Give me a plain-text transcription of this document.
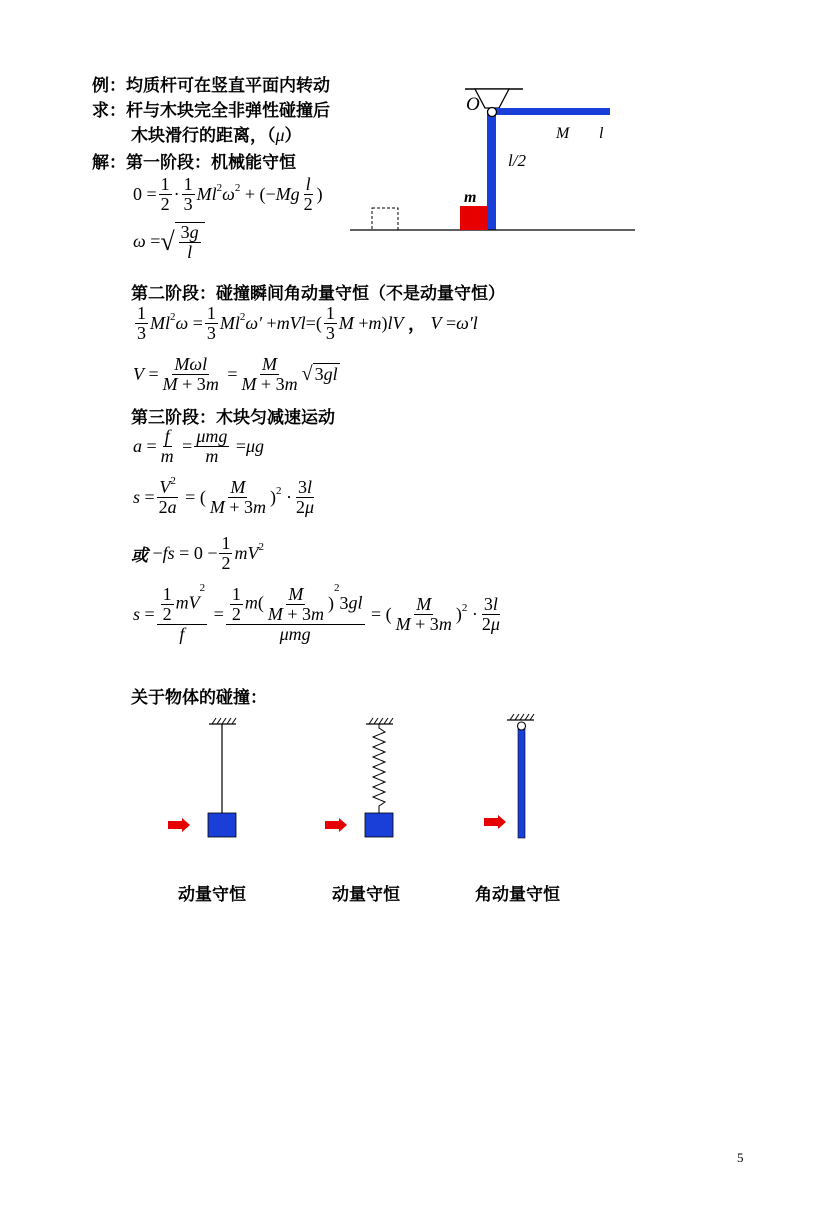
例：均质杆可在竖直平面内转动
求：杆与木块完全非弹性碰撞后
木块滑行的距离，（μ）
解：第一阶段：机械能守恒
O
M l
l/2
m
$0 = \frac{1}{2} \cdot \frac{1}{3} Ml^2\omega^2$ + (− Mg $\frac{l}{2}$ )
ω = √ $\frac{3g}{l}$
第二阶段：碰撞瞬间角动量守恒（不是动量守恒）
$\frac{1}{3} Ml^2\omega = \frac{1}{3} Ml^2\omega'$ + mVl =( $\frac{1}{3}$ M + m ) lV ， V = ω′l
$V = \frac{\text{Mωl}}{M + 3m} = \frac{M}{M + 3m}$ √ 3gl
第三阶段：木块匀减速运动
$a = \frac{f}{m} = \frac{\text{μmg}}{m} = \mu g$
$s = \frac{V^2}{2a}$ = ( $\frac{M}{M + 3m} )^2 \cdot \frac{3l}{2\mu}$
或 − fs = $0 - \frac{1}{2} mV^2$
$s = \frac{\frac{1}{2} mV^2}{f} = \frac{\frac{1}{2} m( \frac{M}{M + 3m} )^23gl}{\text{μmg}}$ = ( $\frac{M}{M + 3m} )^2 \cdot \frac{3l}{2\mu}$
关于物体的碰撞：
动量守恒	动量守恒	角动量守恒
5
